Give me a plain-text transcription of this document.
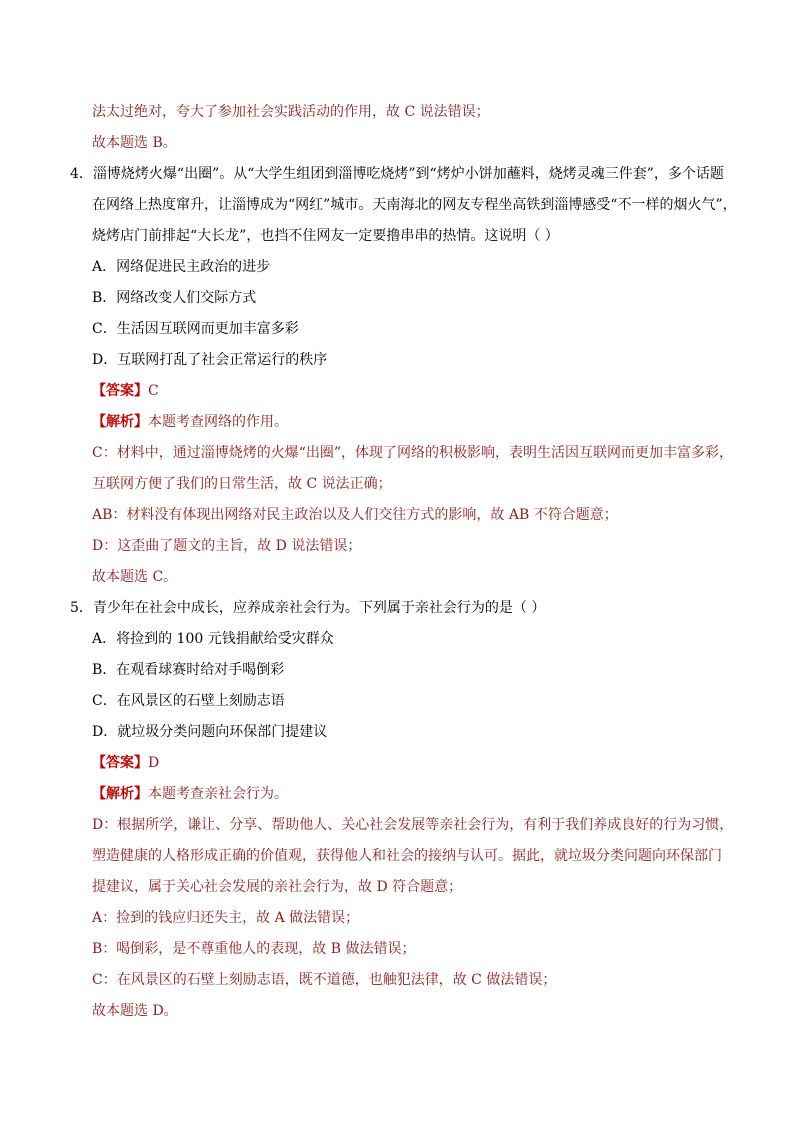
法太过绝对，夸大了参加社会实践活动的作用，故 C 说法错误；
故本题选 B。
4．淄博烧烤火爆“出圈”。从“大学生组团到淄博吃烧烤”到“烤炉小饼加蘸料，烧烤灵魂三件套”，多个话题
在网络上热度窜升，让淄博成为“网红”城市。天南海北的网友专程坐高铁到淄博感受“不一样的烟火气”，
烧烤店门前排起“大长龙”，也挡不住网友一定要撸串串的热情。这说明（ ）
A．网络促进民主政治的进步
B．网络改变人们交际方式
C．生活因互联网而更加丰富多彩
D．互联网打乱了社会正常运行的秩序
【答案】C
【解析】本题考查网络的作用。
C：材料中，通过淄博烧烤的火爆“出圈”，体现了网络的积极影响，表明生活因互联网而更加丰富多彩，
互联网方便了我们的日常生活，故 C 说法正确；
AB：材料没有体现出网络对民主政治以及人们交往方式的影响，故 AB 不符合题意；
D：这歪曲了题文的主旨，故 D 说法错误；
故本题选 C。
5．青少年在社会中成长，应养成亲社会行为。下列属于亲社会行为的是（ ）
A．将捡到的 100 元钱捐献给受灾群众
B．在观看球赛时给对手喝倒彩
C．在风景区的石壁上刻励志语
D．就垃圾分类问题向环保部门提建议
【答案】D
【解析】本题考查亲社会行为。
D：根据所学，谦让、分享、帮助他人、关心社会发展等亲社会行为，有利于我们养成良好的行为习惯，
塑造健康的人格形成正确的价值观，获得他人和社会的接纳与认可。据此，就垃圾分类问题向环保部门
提建议，属于关心社会发展的亲社会行为，故 D 符合题意；
A：捡到的钱应归还失主，故 A 做法错误；
B：喝倒彩，是不尊重他人的表现，故 B 做法错误；
C：在风景区的石壁上刻励志语，既不道德，也触犯法律，故 C 做法错误；
故本题选 D。
